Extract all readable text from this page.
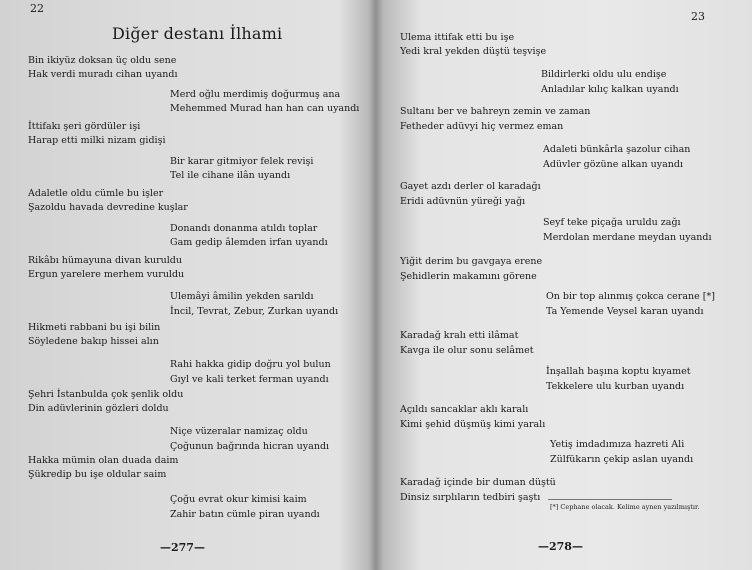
22
Diğer destanı İlhami
Bin ikiyüz doksan üç oldu sene
Hak verdi muradı cihan uyandı
Merd oğlu merdimiş doğurmuş ana
Mehemmed Murad han han can uyandı
İttifakı şeri gördüler işi
Harap etti milki nizam gidişi
Bir karar gitmiyor felek revişi
Tel ile cihane ilân uyandı
Adaletle oldu cümle bu işler
Şazoldu havada devredine kuşlar
Donandı donanma atıldı toplar
Gam gedip âlemden irfan uyandı
Rikâbı hümayuna divan kuruldu
Ergun yarelere merhem vuruldu
Ulemâyi âmilin yekden sarıldı
İncil, Tevrat, Zebur, Zurkan uyandı
Hikmeti rabbani bu işi bilin
Söyledene bakıp hissei alın
Rahi hakka gidip doğru yol bulun
Gıyl ve kali terket ferman uyandı
Şehri İstanbulda çok şenlik oldu
Din adüvlerinin gözleri doldu
Niçe vüzeralar namizaç oldu
Çoğunun bağrında hicran uyandı
Hakka mümin olan duada daim
Şükredip bu işe oldular saim
Çoğu evrat okur kimisi kaim
Zahir batın cümle piran uyandı
—277—
23
Ulema ittifak etti bu işe
Yedi kral yekden düştü teşvişe
Bildirlerki oldu ulu endişe
Anladılar kılıç kalkan uyandı
Sultanı ber ve bahreyn zemin ve zaman
Fetheder adüvyi hiç vermez eman
Adaleti bünkârla şazolur cihan
Adüvler gözüne alkan uyandı
Gayet azdı derler ol karadağı
Eridi adüvnün yüreği yağı
Seyf teke piçağa uruldu zağı
Merdolan merdane meydan uyandı
Yiğit derim bu gavgaya erene
Şehidlerin makamını görene
On bir top alınmış çokca cerane [*]
Ta Yemende Veysel karan uyandı
Karadağ kralı etti ilâmat
Kavga ile olur sonu selâmet
İnşallah başına koptu kıyamet
Tekkelere ulu kurban uyandı
Açıldı sancaklar aklı karalı
Kimi şehid düşmüş kimi yaralı
Yetiş imdadımıza hazreti Ali
Zülfükarın çekip aslan uyandı
Karadağ içinde bir duman düştü
Dinsiz sırplıların tedbiri şaştı
[*] Cephane olacak. Kelime aynen yazılmıştır.
—278—
